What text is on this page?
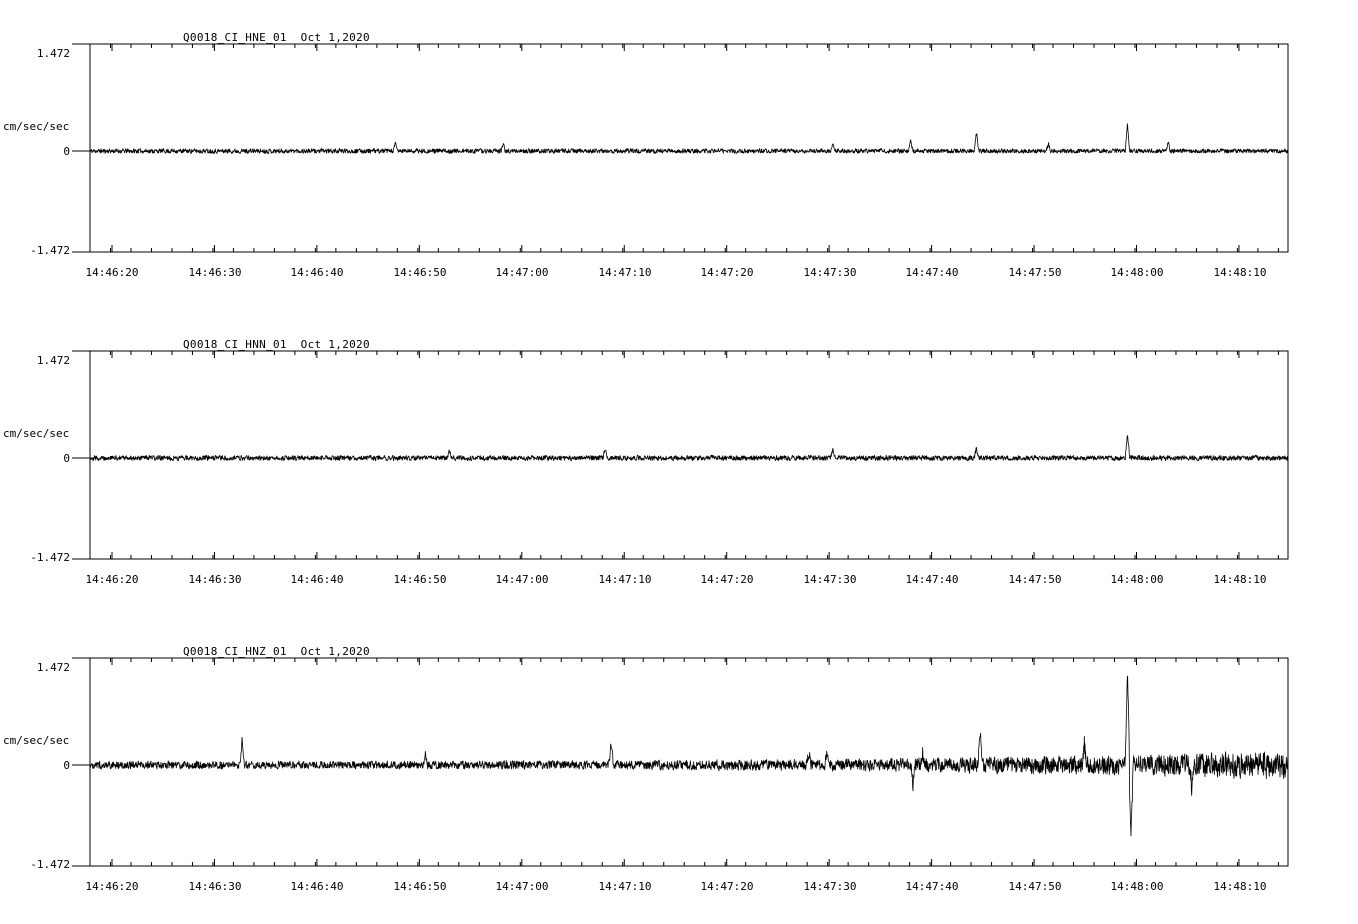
Q0018_CI_HNE_01  Oct 1,2020
1.472
cm/sec/sec
0
-1.472
14:46:20	14:46:30	14:46:40	14:46:50	14:47:00	14:47:10	14:47:20	14:47:30	14:47:40	14:47:50	14:48:00	14:48:10
Q0018_CI_HNN_01  Oct 1,2020
1.472
cm/sec/sec
0
-1.472
14:46:20	14:46:30	14:46:40	14:46:50	14:47:00	14:47:10	14:47:20	14:47:30	14:47:40	14:47:50	14:48:00	14:48:10
Q0018_CI_HNZ_01  Oct 1,2020
1.472
cm/sec/sec
0
-1.472
14:46:20	14:46:30	14:46:40	14:46:50	14:47:00	14:47:10	14:47:20	14:47:30	14:47:40	14:47:50	14:48:00	14:48:10
